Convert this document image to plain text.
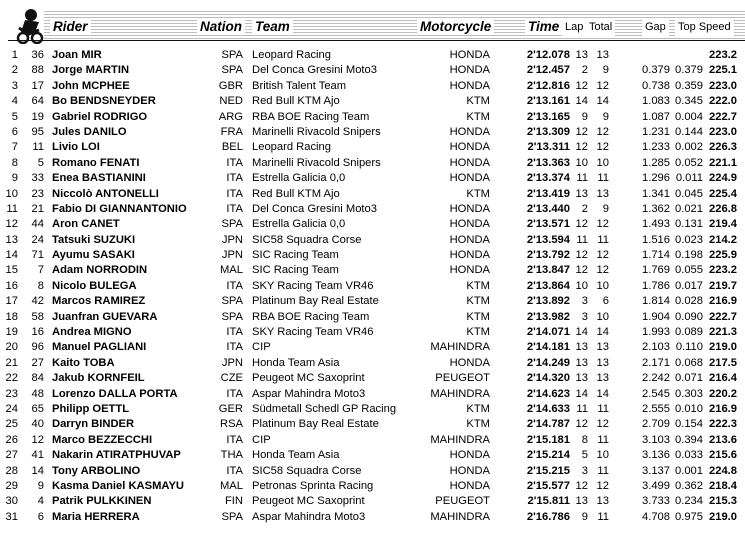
Rider	Nation Team	Motorcycle	Time Lap Total	Gap Top Speed
1 36 Joan MIR	SPA Leopard Racing	HONDA	2'12.078 13 13	223.2
2 88 Jorge MARTIN	SPA Del Conca Gresini Moto3	HONDA	2'12.457 2 9	0.379 0.379 225.1
3 17 John MCPHEE	GBR British Talent Team	HONDA	2'12.816 12 12	0.738 0.359 223.0
4 64 Bo BENDSNEYDER	NED Red Bull KTM Ajo	KTM	2'13.161 14 14	1.083 0.345 222.0
5 19 Gabriel RODRIGO	ARG RBA BOE Racing Team	KTM	2'13.165 9 9	1.087 0.004 222.7
6 95 Jules DANILO	FRA Marinelli Rivacold Snipers	HONDA	2'13.309 12 12	1.231 0.144 223.0
7 11 Livio LOI	BEL Leopard Racing	HONDA	2'13.311 12 12	1.233 0.002 226.3
8 5 Romano FENATI	ITA Marinelli Rivacold Snipers	HONDA	2'13.363 10 10	1.285 0.052 221.1
9 33 Enea BASTIANINI	ITA Estrella Galicia 0,0	HONDA	2'13.374 11 11	1.296 0.011 224.9
10 23 Niccolò ANTONELLI	ITA Red Bull KTM Ajo	KTM	2'13.419 13 13	1.341 0.045 225.4
11 21 Fabio DI GIANNANTONIO	ITA Del Conca Gresini Moto3	HONDA	2'13.440 2 9	1.362 0.021 226.8
12 44 Aron CANET	SPA Estrella Galicia 0,0	HONDA	2'13.571 12 12	1.493 0.131 219.4
13 24 Tatsuki SUZUKI	JPN SIC58 Squadra Corse	HONDA	2'13.594 11 11	1.516 0.023 214.2
14 71 Ayumu SASAKI	JPN SIC Racing Team	HONDA	2'13.792 12 12	1.714 0.198 225.9
15 7 Adam NORRODIN	MAL SIC Racing Team	HONDA	2'13.847 12 12	1.769 0.055 223.2
16 8 Nicolo BULEGA	ITA SKY Racing Team VR46	KTM	2'13.864 10 10	1.786 0.017 219.7
17 42 Marcos RAMIREZ	SPA Platinum Bay Real Estate	KTM	2'13.892 3 6	1.814 0.028 216.9
18 58 Juanfran GUEVARA	SPA RBA BOE Racing Team	KTM	2'13.982 3 10	1.904 0.090 222.7
19 16 Andrea MIGNO	ITA SKY Racing Team VR46	KTM	2'14.071 14 14	1.993 0.089 221.3
20 96 Manuel PAGLIANI	ITA CIP	MAHINDRA	2'14.181 13 13	2.103 0.110 219.0
21 27 Kaito TOBA	JPN Honda Team Asia	HONDA	2'14.249 13 13	2.171 0.068 217.5
22 84 Jakub KORNFEIL	CZE Peugeot MC Saxoprint	PEUGEOT	2'14.320 13 13	2.242 0.071 216.4
23 48 Lorenzo DALLA PORTA	ITA Aspar Mahindra Moto3	MAHINDRA	2'14.623 14 14	2.545 0.303 220.2
24 65 Philipp OETTL	GER Südmetall Schedl GP Racing	KTM	2'14.633 11 11	2.555 0.010 216.9
25 40 Darryn BINDER	RSA Platinum Bay Real Estate	KTM	2'14.787 12 12	2.709 0.154 222.3
26 12 Marco BEZZECCHI	ITA CIP	MAHINDRA	2'15.181 8 11	3.103 0.394 213.6
27 41 Nakarin ATIRATPHUVAP	THA Honda Team Asia	HONDA	2'15.214 5 10	3.136 0.033 215.6
28 14 Tony ARBOLINO	ITA SIC58 Squadra Corse	HONDA	2'15.215 3 11	3.137 0.001 224.8
29 9 Kasma Daniel KASMAYU	MAL Petronas Sprinta Racing	HONDA	2'15.577 12 12	3.499 0.362 218.4
30 4 Patrik PULKKINEN	FIN Peugeot MC Saxoprint	PEUGEOT	2'15.811 13 13	3.733 0.234 215.3
31 6 Maria HERRERA	SPA Aspar Mahindra Moto3	MAHINDRA	2'16.786 9 11	4.708 0.975 219.0
